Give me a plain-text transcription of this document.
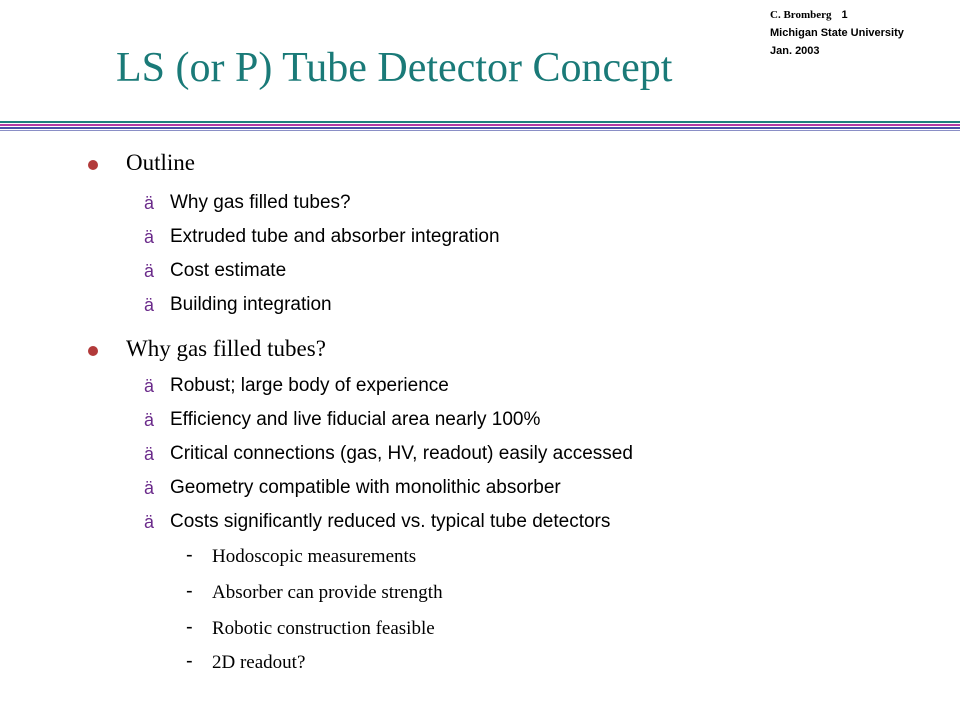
C. Bromberg 1
Michigan State University
Jan. 2003
LS (or P) Tube Detector Concept
Outline
ä Why gas filled tubes?
ä Extruded tube and absorber integration
ä Cost estimate
ä Building integration
Why gas filled tubes?
ä Robust; large body of experience
ä Efficiency and live fiducial area nearly 100%
ä Critical connections (gas, HV, readout) easily accessed
ä Geometry compatible with monolithic absorber
ä Costs significantly reduced vs. typical tube detectors
- Hodoscopic measurements
- Absorber can provide strength
- Robotic construction feasible
- 2D readout?
